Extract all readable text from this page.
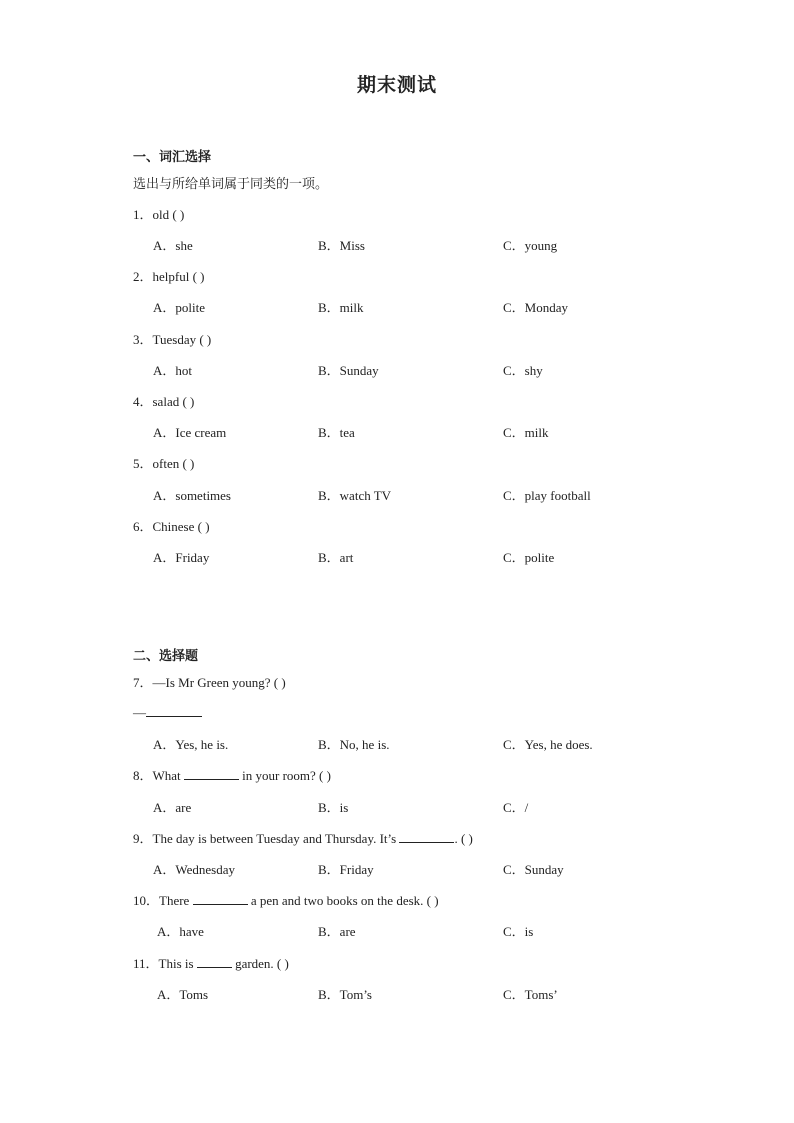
期末测试
一、词汇选择
选出与所给单词属于同类的一项。
1．old ( )
A．she	B．Miss	C．young
2．helpful ( )
A．polite	B．milk	C．Monday
3．Tuesday ( )
A．hot	B．Sunday	C．shy
4．salad ( )
A．Ice cream	B．tea	C．milk
5．often ( )
A．sometimes	B．watch TV	C．play football
6．Chinese ( )
A．Friday	B．art	C．polite
二、选择题
7．—Is Mr Green young? ( )
—
A．Yes, he is.	B．No, he is.	C．Yes, he does.
8．What	in your room? ( )
A．are	B．is	C．/
9．The day is between Tuesday and Thursday. It’s	. ( )
A．Wednesday	B．Friday	C．Sunday
10．There	a pen and two books on the desk. ( )
A．have	B．are	C．is
11．This is	garden. ( )
A．Toms	B．Tom’s	C．Toms’
